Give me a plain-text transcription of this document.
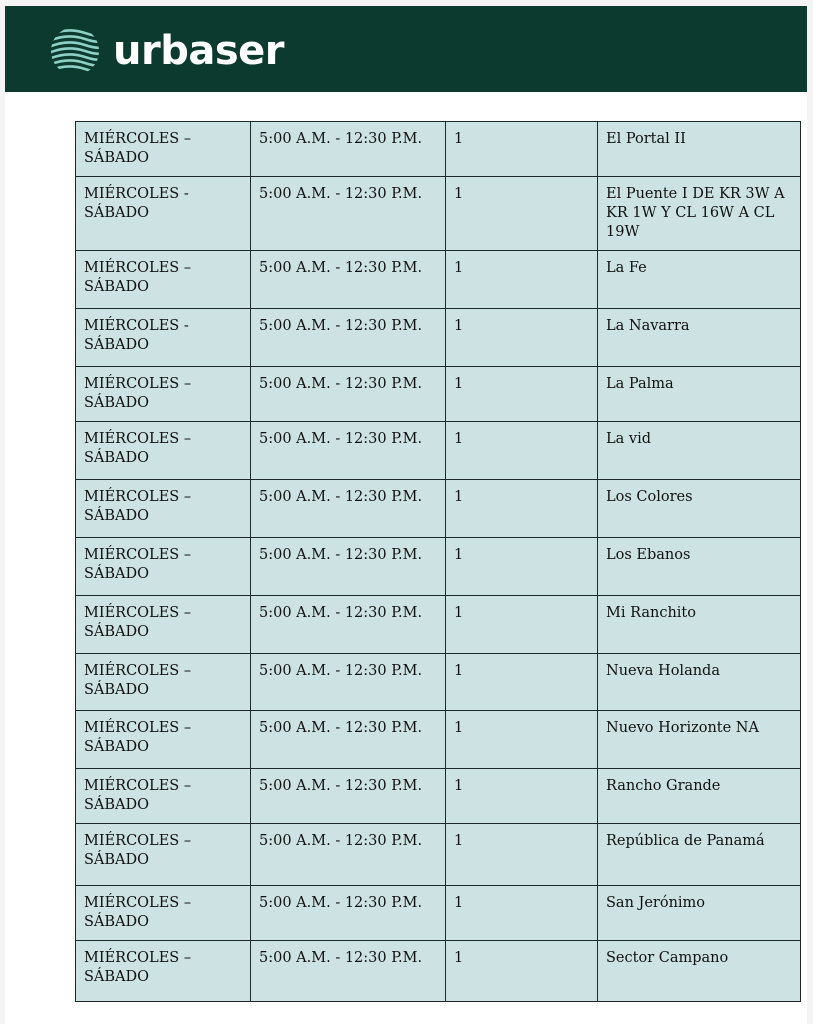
urbaser
MIÉRCOLES – SÁBADO	5:00 A.M. - 12:30 P.M.	1	El Portal II
MIÉRCOLES - SÁBADO	5:00 A.M. - 12:30 P.M.	1	El Puente I DE KR 3W A KR 1W Y CL 16W A CL 19W
MIÉRCOLES – SÁBADO	5:00 A.M. - 12:30 P.M.	1	La Fe
MIÉRCOLES - SÁBADO	5:00 A.M. - 12:30 P.M.	1	La Navarra
MIÉRCOLES – SÁBADO	5:00 A.M. - 12:30 P.M.	1	La Palma
MIÉRCOLES – SÁBADO	5:00 A.M. - 12:30 P.M.	1	La vid
MIÉRCOLES – SÁBADO	5:00 A.M. - 12:30 P.M.	1	Los Colores
MIÉRCOLES – SÁBADO	5:00 A.M. - 12:30 P.M.	1	Los Ebanos
MIÉRCOLES – SÁBADO	5:00 A.M. - 12:30 P.M.	1	Mi Ranchito
MIÉRCOLES – SÁBADO	5:00 A.M. - 12:30 P.M.	1	Nueva Holanda
MIÉRCOLES – SÁBADO	5:00 A.M. - 12:30 P.M.	1	Nuevo Horizonte NA
MIÉRCOLES – SÁBADO	5:00 A.M. - 12:30 P.M.	1	Rancho Grande
MIÉRCOLES – SÁBADO	5:00 A.M. - 12:30 P.M.	1	República de Panamá
MIÉRCOLES – SÁBADO	5:00 A.M. - 12:30 P.M.	1	San Jerónimo
MIÉRCOLES – SÁBADO	5:00 A.M. - 12:30 P.M.	1	Sector Campano
